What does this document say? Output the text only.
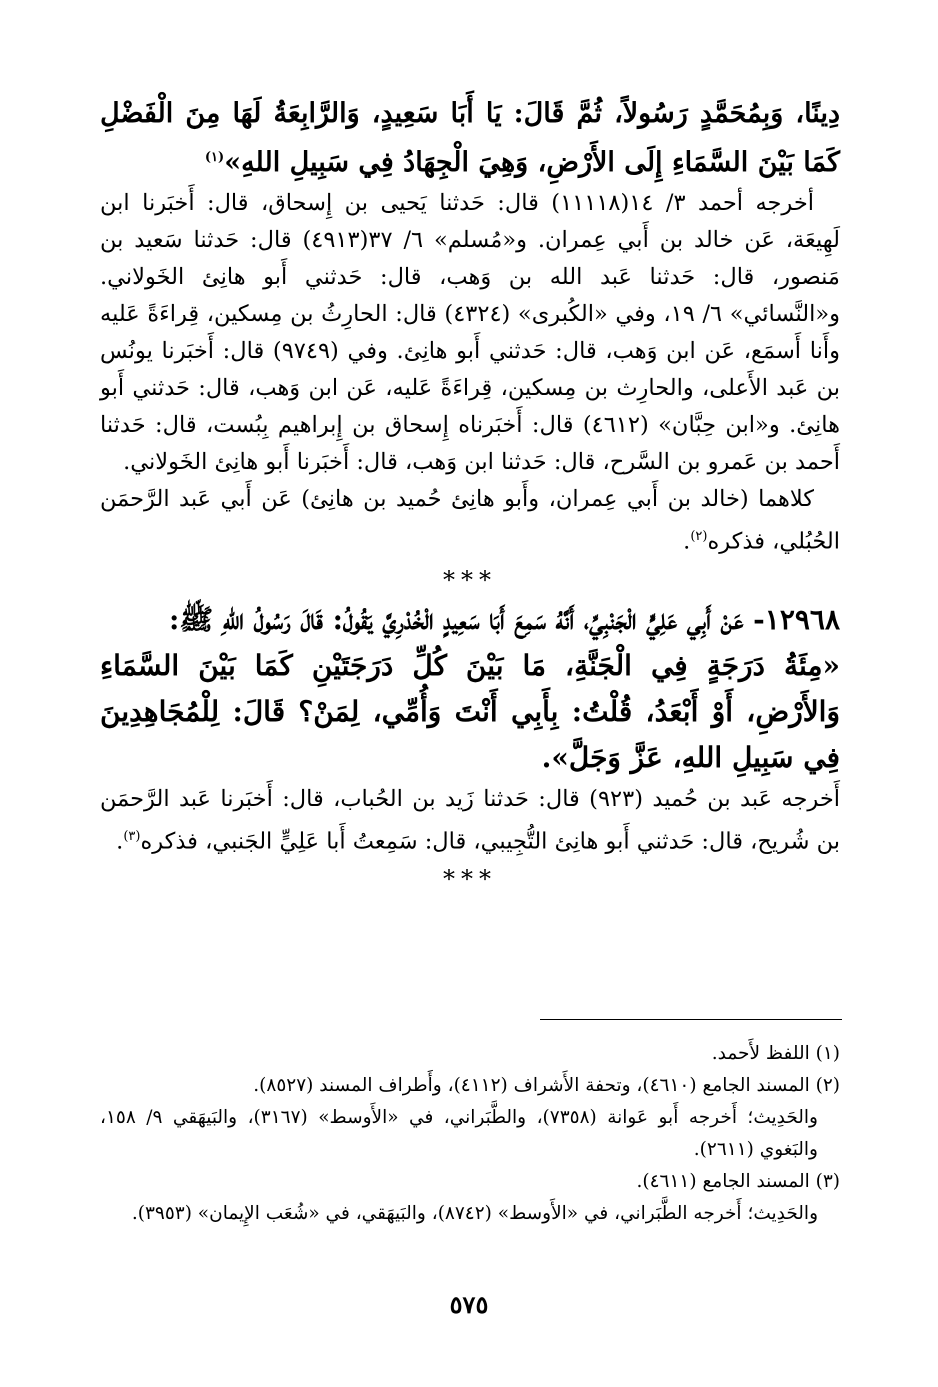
دِينًا، وَبِمُحَمَّدٍ رَسُولاً، ثُمَّ قَالَ: يَا أَبَا سَعِيدٍ، وَالرَّابِعَةُ لَهَا مِنَ الْفَضْلِ كَمَا بَيْنَ السَّمَاءِ إِلَى الأَرْضِ، وَهِيَ الْجِهَادُ فِي سَبِيلِ اللهِ»$^{(١)}$

أخرجه أحمد ٣/ ١٤(١١١١٨) قال: حَدثنا يَحيى بن إِسحاق، قال: أَخبَرنا ابن لَهِيعَة، عَن خالد بن أَبي عِمران. و«مُسلم» ٦/ ٣٧(٤٩١٣) قال: حَدثنا سَعيد بن مَنصور، قال: حَدثنا عَبد الله بن وَهب، قال: حَدثني أَبو هانِئ الخَولاني. و«النَّسائي» ٦/ ١٩، وفي «الكُبرى» (٤٣٢٤) قال: الحارِثُ بن مِسكين، قِراءَةً عَليه وأَنا أَسمَع، عَن ابن وَهب، قال: حَدثني أَبو هانِئ. وفي (٩٧٤٩) قال: أَخبَرنا يونُس بن عَبد الأَعلى، والحارِث بن مِسكين، قِراءَةً عَليه، عَن ابن وَهب، قال: حَدثني أَبو هانِئ. و«ابن حِبَّان» (٤٦١٢) قال: أَخبَرناه إِسحاق بن إِبراهيم بِبُست، قال: حَدثنا أَحمد بن عَمرو بن السَّرح، قال: حَدثنا ابن وَهب، قال: أَخبَرنا أَبو هانِئ الخَولاني.

كلاهما (خالد بن أَبي عِمران، وأَبو هانِئ حُميد بن هانِئ) عَن أَبي عَبد الرَّحمَن الحُبُلي، فذكره$^{(٢)}$.

***

١٢٩٦٨- عَنْ أَبِي عَلِيٍّ الْجَنْبِيِّ، أَنَّهُ سَمِعَ أَبَا سَعِيدٍ الْخُدْرِيَّ يَقُولُ: قَالَ رَسُولُ اللهِ ﷺ:

«مِئَةُ دَرَجَةٍ فِي الْجَنَّةِ، مَا بَيْنَ كُلِّ دَرَجَتَيْنِ كَمَا بَيْنَ السَّمَاءِ وَالأَرْضِ، أَوْ أَبْعَدُ، قُلْتُ: بِأَبِي أَنْتَ وَأُمِّي، لِمَنْ؟ قَالَ: لِلْمُجَاهِدِينَ فِي سَبِيلِ اللهِ، عَزَّ وَجَلَّ».

أَخرجه عَبد بن حُميد (٩٢٣) قال: حَدثنا زَيد بن الحُباب، قال: أَخبَرنا عَبد الرَّحمَن بن شُريح، قال: حَدثني أَبو هانِئ التُّجِيبي، قال: سَمِعتُ أَبا عَلِيٍّ الجَنبي، فذكره$^{(٣)}$.

***

(١) اللفظ لأَحمد.

(٢) المسند الجامع (٤٦١٠)، وتحفة الأَشراف (٤١١٢)، وأَطراف المسند (٨٥٢٧).

والحَدِيث؛ أَخرجه أَبو عَوانة (٧٣٥٨)، والطَّبَراني، في «الأَوسط» (٣١٦٧)، والبَيهَقي ٩/ ١٥٨، والبَغوي (٢٦١١).

(٣) المسند الجامع (٤٦١١).

والحَدِيث؛ أَخرجه الطَّبَراني، في «الأَوسط» (٨٧٤٢)، والبَيهَقي، في «شُعَب الإِيمان» (٣٩٥٣).

٥٧٥
